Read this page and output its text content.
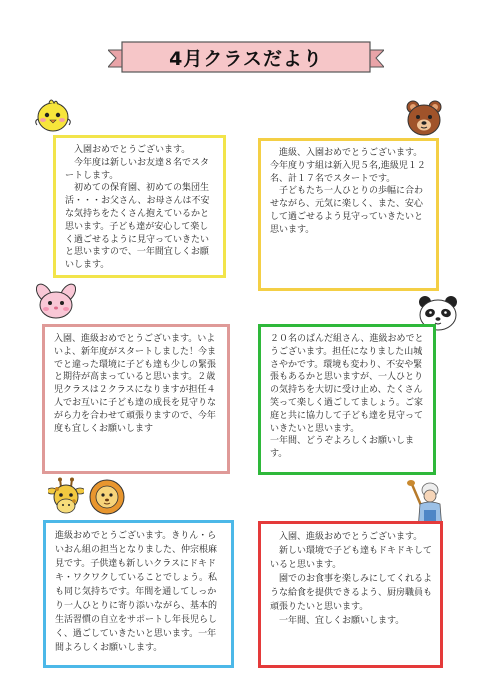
4月クラスだより

　入園おめでとうございます。
　今年度は新しいお友達８名でスタートします。
　初めての保育園、初めての集団生活・・・お父さん、お母さんは不安な気持ちをたくさん抱えているかと思います。子ども達が安心して楽しく過ごせるように見守っていきたいと思いますので、一年間宜しくお願いします。

　進級、入園おめでとうございます。
今年度りす組は新入児５名,進級児１２名、計１７名でスタートです。
　子どもたち一人ひとりの歩幅に合わせながら、元気に楽しく、また、安心して過ごせるよう見守っていきたいと思います。

入園、進級おめでとうございます。いよいよ、新年度がスタートしました！今までと違った環境に子ども達も少しの緊張と期待が高まっていると思います。２歳児クラスは２クラスになりますが担任４人でお互いに子ども達の成長を見守りながら力を合わせて頑張りますので、今年度も宜しくお願いします

２０名のぱんだ組さん、進級おめでとうございます。担任になりました山城さやかです。環境も変わり、不安や緊張もあるかと思いますが、一人ひとりの気持ちを大切に受け止め、たくさん笑って楽しく過ごしてましょう。ご家庭と共に協力して子ども達を見守っていきたいと思います。
一年間、どうぞよろしくお願いします。

進級おめでとうございます。きりん・らいおん組の担当となりました、仲宗根麻見です。子供達も新しいクラスにドキドキ・ワクワクしていることでしょう。私も同じ気持ちです。年間を通してしっかり一人ひとりに寄り添いながら、基本的生活習慣の自立をサポートし年長児らしく、過ごしていきたいと思います。一年間よろしくお願いします。

　入園、進級おめでとうございます。
　新しい環境で子ども達もドキドキしていると思います。
　園でのお食事を楽しみにしてくれるような給食を提供できるよう、厨房職員も頑張りたいと思います。
　一年間、宜しくお願いします。
